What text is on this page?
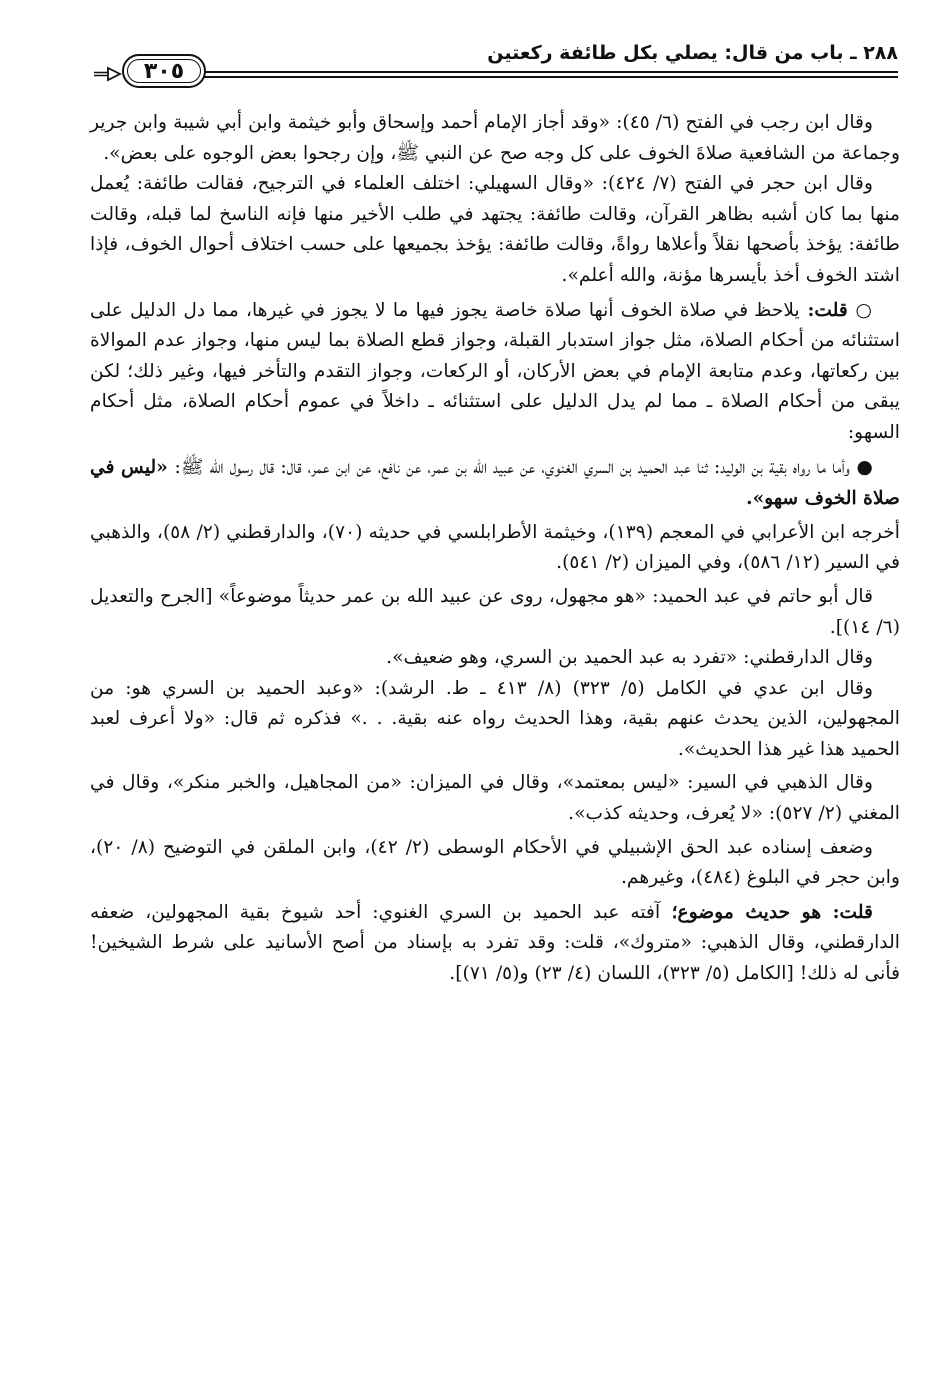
٢٨٨ ـ باب من قال: يصلي بكل طائفة ركعتين
٣٠٥

وقال ابن رجب في الفتح (٦/ ٤٥): «وقد أجاز الإمام أحمد وإسحاق وأبو خيثمة وابن أبي شيبة وابن جرير وجماعة من الشافعية صلاةَ الخوف على كل وجه صح عن النبي ﷺ، وإن رجحوا بعض الوجوه على بعض».

وقال ابن حجر في الفتح (٧/ ٤٢٤): «وقال السهيلي: اختلف العلماء في الترجيح، فقالت طائفة: يُعمل منها بما كان أشبه بظاهر القرآن، وقالت طائفة: يجتهد في طلب الأخير منها فإنه الناسخ لما قبله، وقالت طائفة: يؤخذ بأصحها نقلاً وأعلاها رواةً، وقالت طائفة: يؤخذ بجميعها على حسب اختلاف أحوال الخوف، فإذا اشتد الخوف أخذ بأيسرها مؤنة، والله أعلم».

○قلت:يلاحظ في صلاة الخوف أنها صلاة خاصة يجوز فيها ما لا يجوز في غيرها، مما دل الدليل على استثنائه من أحكام الصلاة، مثل جواز استدبار القبلة، وجواز قطع الصلاة بما ليس منها، وجواز عدم الموالاة بين ركعاتها، وعدم متابعة الإمام في بعض الأركان، أو الركعات، وجواز التقدم والتأخر فيها، وغير ذلك؛ لكن يبقى من أحكام الصلاة ـ مما لم يدل الدليل على استثنائه ـ داخلاً في عموم أحكام الصلاة، مثل أحكام السهو:

●وأما ما رواه بقية بن الوليد: ثنا عبد الحميد بن السري الغنوي، عن عبيد الله بن عمر، عن نافع، عن ابن عمر، قال: قال رسول الله ﷺ:«ليس في صلاة الخوف سهو».

أخرجه ابن الأعرابي في المعجم (١٣٩)، وخيثمة الأطرابلسي في حديثه (٧٠)، والدارقطني (٢/ ٥٨)، والذهبي في السير (١٢/ ٥٨٦)، وفي الميزان (٢/ ٥٤١).

قال أبو حاتم في عبد الحميد: «هو مجهول، روى عن عبيد الله بن عمر حديثاً موضوعاً» [الجرح والتعديل (٦/ ١٤)].

وقال الدارقطني: «تفرد به عبد الحميد بن السري، وهو ضعيف».

وقال ابن عدي في الكامل (٥/ ٣٢٣) (٨/ ٤١٣ ـ ط. الرشد): «وعبد الحميد بن السري هو: من المجهولين، الذين يحدث عنهم بقية، وهذا الحديث رواه عنه بقية. . .» فذكره ثم قال: «ولا أعرف لعبد الحميد هذا غير هذا الحديث».

وقال الذهبي في السير: «ليس بمعتمد»، وقال في الميزان: «من المجاهيل، والخبر منكر»، وقال في المغني (٢/ ٥٢٧): «لا يُعرف، وحديثه كذب».

وضعف إسناده عبد الحق الإشبيلي في الأحكام الوسطى (٢/ ٤٢)، وابن الملقن في التوضيح (٨/ ٢٠)، وابن حجر في البلوغ (٤٨٤)، وغيرهم.

قلت: هو حديث موضوع؛آفته عبد الحميد بن السري الغنوي: أحد شيوخ بقية المجهولين، ضعفه الدارقطني، وقال الذهبي: «متروك»، قلت: وقد تفرد به بإسناد من أصح الأسانيد على شرط الشيخين! فأنى له ذلك! [الكامل (٥/ ٣٢٣)، اللسان (٤/ ٢٣) و(٥/ ٧١)].
